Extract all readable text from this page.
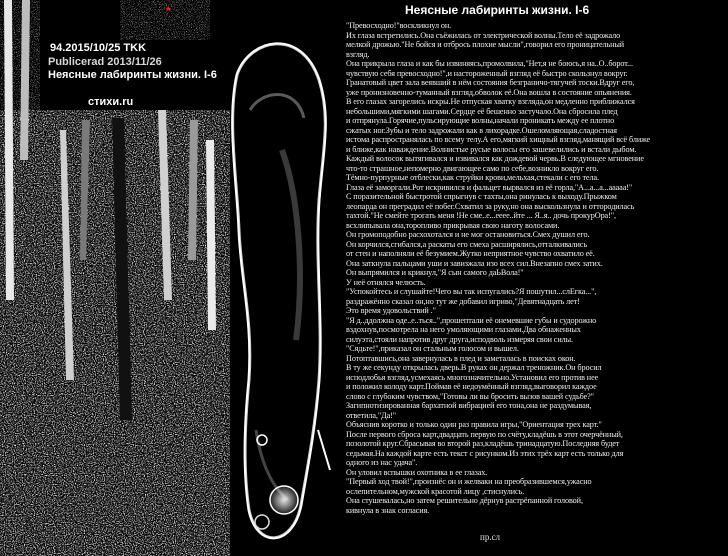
*
94.2015/10/25 TKK
Publicerad 2013/11/26
Неясные лабиринты жизни. I-6
стихи.ru
Неясные лабиринты жизни. I-6
"Превосходно!"воскликнул он.
Их глаза встретились.Она съёжилась от электрической волны.Тело её задрожало
мелкой дрожью."Не бойся и отбрось плохие мысли",говорил его проницательный
взгляд.
Она прикрыла глаза и как бы извиняясь,промолвила,"Нет,я не боюсь,я на..О..борот...
чувствую себя превосходно!",и настороженный взгляд её быстро скользнул вокруг.
Гранатовый цвет зала веявший в нём состояния безграничо-тягучей тоски.Вдруг его,
уже пронизновенно-туманный взгляд,обволок её.Она вошла в состояние опьянения.
В его глазах загорелись искры.Не отпуская хватку взгляда,он медленно приближался
небольшими,мягкими шагами.Сердце её бешенно застучало.Она сбросила плед
и отпрянула.Горячие,пульсирующие волны,начали проникать между ее плотно
сжатых ног.Зубы и тело задрожали как в лихорадке.Ошеломляющая,сладостная
истома распространялась по всему телу.А его,мягкий хищный взгляд,манящий всё ближе
и ближе,как наваждение.Волнистые русые волосы его зашевелились и встали дыбом.
Каждый волосок вытягивался и извивался как дождевой червь.В следующее мгновение
что-то страшное,непомерно двигающее само по себе,возникло вокруг его.
Тёмно-пурпурные отблески,как струйки крови,мельхая,стекали с его тела.
Глаза её заморгали.Рот искривился и фальцет вырвался из её горла,"А...а...а...ааааа!"
С поразительной быстротой спрыгнув с тахты,она ринулась к выходу.Прыжком
леопарда он преградил её побег.Схватил за руку,но она выскользнула и оттородилась
тахтой."Не смейте трогать меня !Не сме..е...еeee..йте ... Я..я.. дочь прокурОра!",
всхлипывала она,торопливо прикрывая свою наготу волосами.
Он громоподобно расхохотался и не мог остановиться.Смех душил его.
Он корчился,сгибался,а раскаты его смеха расширялись,отталкивались
от стен и наполняли её безумием.Жутко неприятное чувство охватило её.
Она заткнула пальцами уши и завизжала изо всех сил.Внезапно смех затих.
Он выпрямился и крикнул,"Я сын самого даЬВола!"
У неё отнялся челюсть.
"Успокойтесь и слушайте!Чего вы так испугались?Я пошутил...слЕгка...",
раздражённо сказал он,но тут же добавил игриво,"Девятнадцать лет!
Это время удовольствий ."
"Я д..ддолжна оде..е..ться..",прошептали её онемевшие губы и судорожно
вздохнув,посмотрела на него умоляющими глазами.Два обнаженных
силуэта,стояли напротив друг друга,исподволь измеряя свои силы.
"Сядьте!",приказал он стальным голосом и вышел.
Потоптавшись,она завернулась в плед и заметалась в поисках окон.
В ту же секунду открылась дверь.В руках он держал треножник.Он бросил
исподлобья взгляд,усмехаясь многозначительно.Установил его против нее
и положил колоду карт.Поймав её недоумённый взгляд,выговорил каждое
слово с глубоким чувством,"Готовы ли вы бросить вызов вашей судьбе?"
Загипнотизированная бархатной вибрацией его тона,она не раздумывая,
ответила,"Да!"
Объяснив коротко и только один раз правила игры,"Ориентация трех карт."
После первого сброса карт,двадцать первую по счёту,кладёшь в этот очерчённый,
позолотой круг.Сбрасывая во второй раз,кладёшь тринадцатую.Последняя будет
седьмая.На каждой карте есть текст с рисунком.Из этих трёх карт есть только для
одного из нас удача".
Он уловил вспышки охотника в ее глазах.
"Первый ход твой!",произнёс он и желваки на преобразившемся,ужасно
ослепительном,мужской красотой лицу ,стиснулись.
Она стушевалась,но затем решительно дёрнув растрёпанной головой,
кивнула в знак согласия.
пр.сл
